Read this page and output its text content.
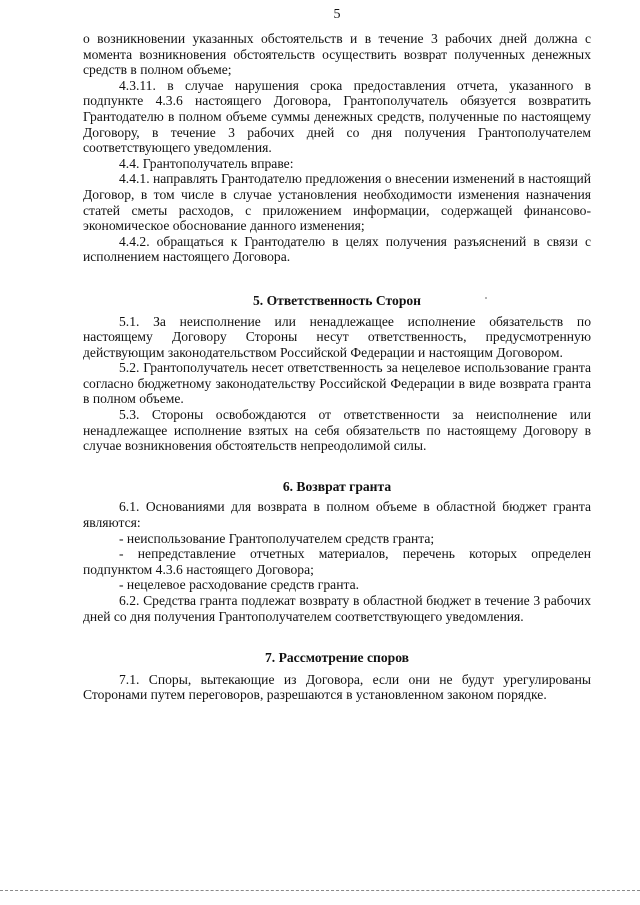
5

о возникновении указанных обстоятельств и в течение 3 рабочих дней должна с момента возникновения обстоятельств осуществить возврат полученных денежных средств в полном объеме;

4.3.11. в случае нарушения срока предоставления отчета, указанного в подпункте 4.3.6 настоящего Договора, Грантополучатель обязуется возвратить Грантодателю в полном объеме суммы денежных средств, полученные по настоящему Договору, в течение 3 рабочих дней со дня получения Грантополучателем соответствующего уведомления.

4.4. Грантополучатель вправе:

4.4.1. направлять Грантодателю предложения о внесении изменений в настоящий Договор, в том числе в случае установления необходимости изменения назначения статей сметы расходов, с приложением информации, содержащей финансово-экономическое обоснование данного изменения;

4.4.2. обращаться к Грантодателю в целях получения разъяснений в связи с исполнением настоящего Договора.

5. Ответственность Сторон

5.1. За неисполнение или ненадлежащее исполнение обязательств по настоящему Договору Стороны несут ответственность, предусмотренную действующим законодательством Российской Федерации и настоящим Договором.

5.2. Грантополучатель несет ответственность за нецелевое использование гранта согласно бюджетному законодательству Российской Федерации в виде возврата гранта в полном объеме.

5.3. Стороны освобождаются от ответственности за неисполнение или ненадлежащее исполнение взятых на себя обязательств по настоящему Договору в случае возникновения обстоятельств непреодолимой силы.

6. Возврат гранта

6.1. Основаниями для возврата в полном объеме в областной бюджет гранта являются:

- неиспользование Грантополучателем средств гранта;

- непредставление отчетных материалов, перечень которых определен подпунктом 4.3.6 настоящего Договора;

- нецелевое расходование средств гранта.

6.2. Средства гранта подлежат возврату в областной бюджет в течение 3 рабочих дней со дня получения Грантополучателем соответствующего уведомления.

7. Рассмотрение споров

7.1. Споры, вытекающие из Договора, если они не будут урегулированы Сторонами путем переговоров, разрешаются в установленном законом порядке.
